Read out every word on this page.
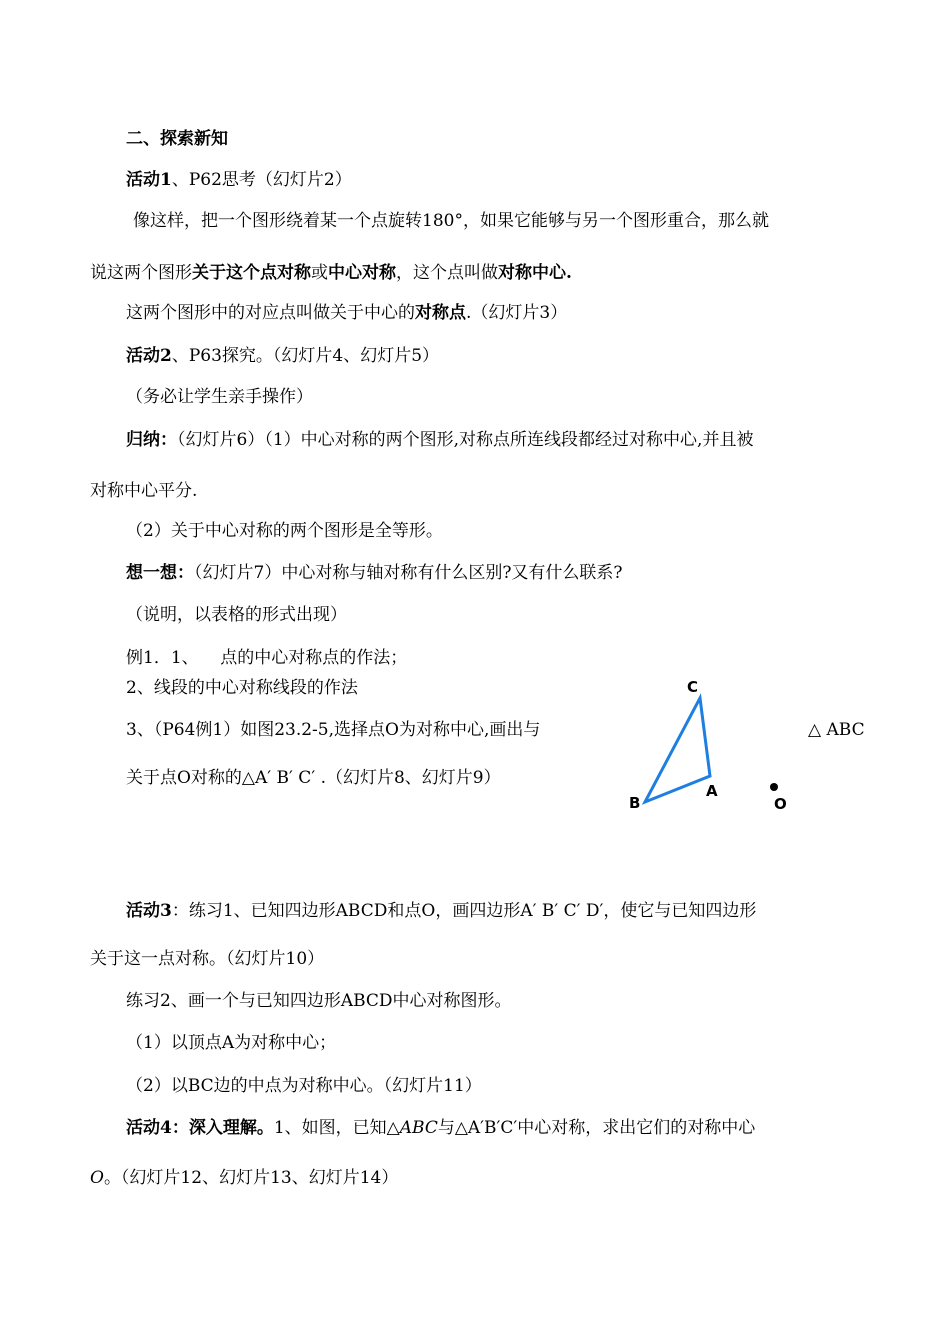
二、探索新知
活动1、P62思考（幻灯片2）
像这样，把一个图形绕着某一个点旋转180°，如果它能够与另一个图形重合，那么就
说这两个图形关于这个点对称或中心对称，这个点叫做对称中心.
这两个图形中的对应点叫做关于中心的对称点.（幻灯片3）
活动2、P63探究。（幻灯片4、幻灯片5）
（务必让学生亲手操作）
归纳：（幻灯片6）（1）中心对称的两个图形,对称点所连线段都经过对称中心,并且被
对称中心平分.
（2）关于中心对称的两个图形是全等形。
想一想：（幻灯片7）中心对称与轴对称有什么区别?又有什么联系?
（说明，以表格的形式出现）
例1．1、    点的中心对称点的作法；
2、线段的中心对称线段的作法
3、（P64例1）如图23.2-5,选择点O为对称中心,画出与	△ ABC
关于点O对称的△A′ B′ C′ .（幻灯片8、幻灯片9）
C
A
B	O
活动3：练习1、已知四边形ABCD和点O，画四边形A′ B′ C′ D′，使它与已知四边形
关于这一点对称。（幻灯片10）
练习2、画一个与已知四边形ABCD中心对称图形。
（1）以顶点A为对称中心；
（2）以BC边的中点为对称中心。（幻灯片11）
活动4：深入理解。1、如图，已知△ABC与△A′B′C′中心对称，求出它们的对称中心
O。（幻灯片12、幻灯片13、幻灯片14）
